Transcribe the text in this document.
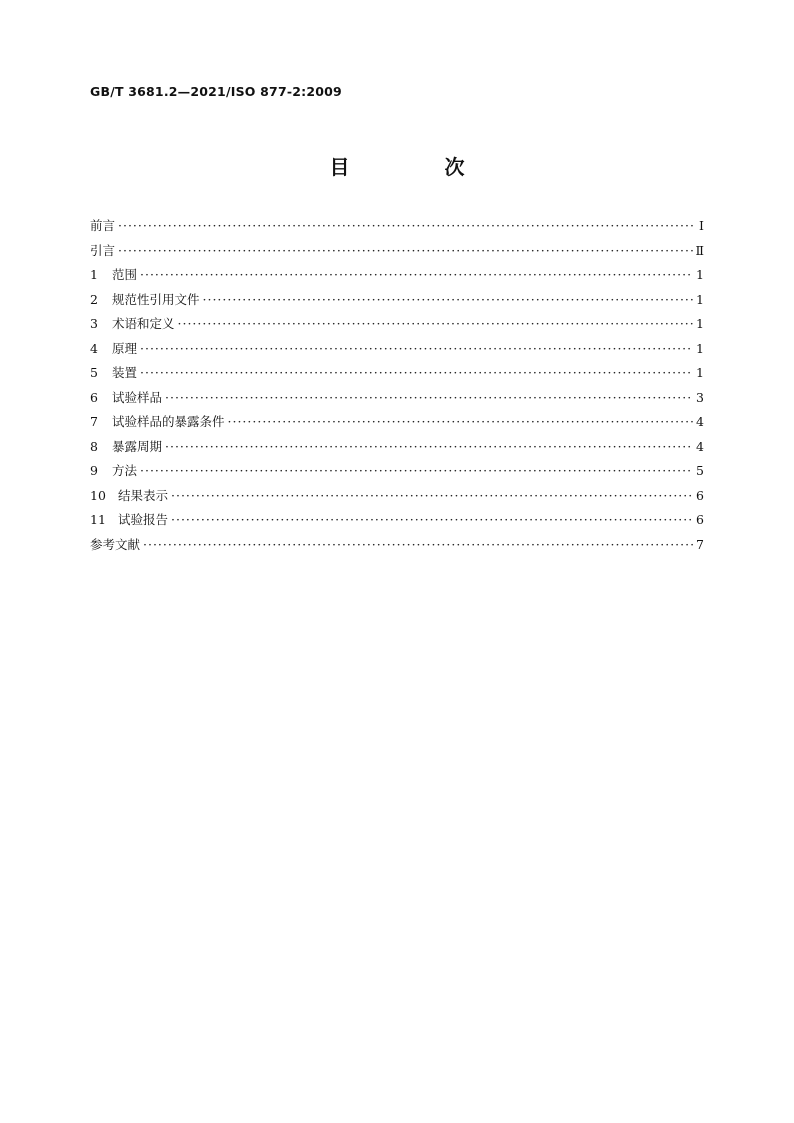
GB/T 3681.2—2021/ISO 877-2:2009
目 次
前言 ·····	Ⅰ
引言 ·····	Ⅱ
1 范围 ·····	1
2 规范性引用文件 ·····	1
3 术语和定义 ·····	1
4 原理 ·····	1
5 装置 ·····	1
6 试验样品 ·····	3
7 试验样品的暴露条件 ·····	4
8 暴露周期 ·····	4
9 方法 ·····	5
10 结果表示 ·····	6
11 试验报告 ·····	6
参考文献 ·····	7
